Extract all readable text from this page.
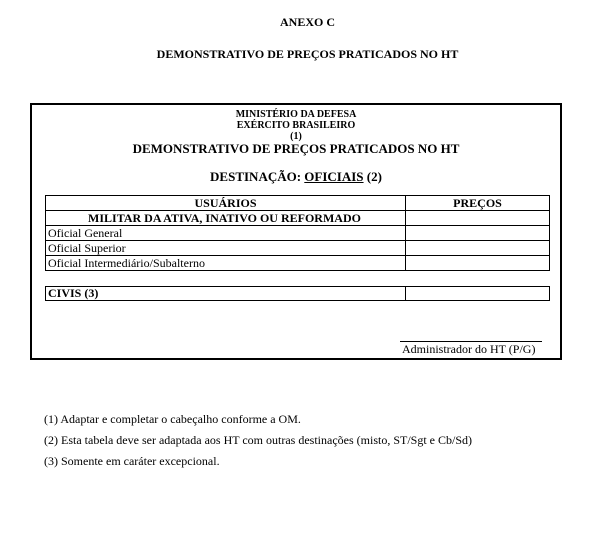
ANEXO C
DEMONSTRATIVO DE PREÇOS PRATICADOS NO HT
MINISTÉRIO DA DEFESA
EXÉRCITO BRASILEIRO
(1)
DEMONSTRATIVO DE PREÇOS PRATICADOS NO HT
DESTINAÇÃO: OFICIAIS (2)
USUÁRIOS	PREÇOS
MILITAR DA ATIVA, INATIVO OU REFORMADO	
Oficial General	
Oficial Superior	
Oficial Intermediário/Subalterno	
CIVIS (3)	
Administrador do HT (P/G)
(1) Adaptar e completar o cabeçalho conforme a OM.
(2) Esta tabela deve ser adaptada aos HT com outras destinações (misto, ST/Sgt e Cb/Sd)
(3) Somente em caráter excepcional.
